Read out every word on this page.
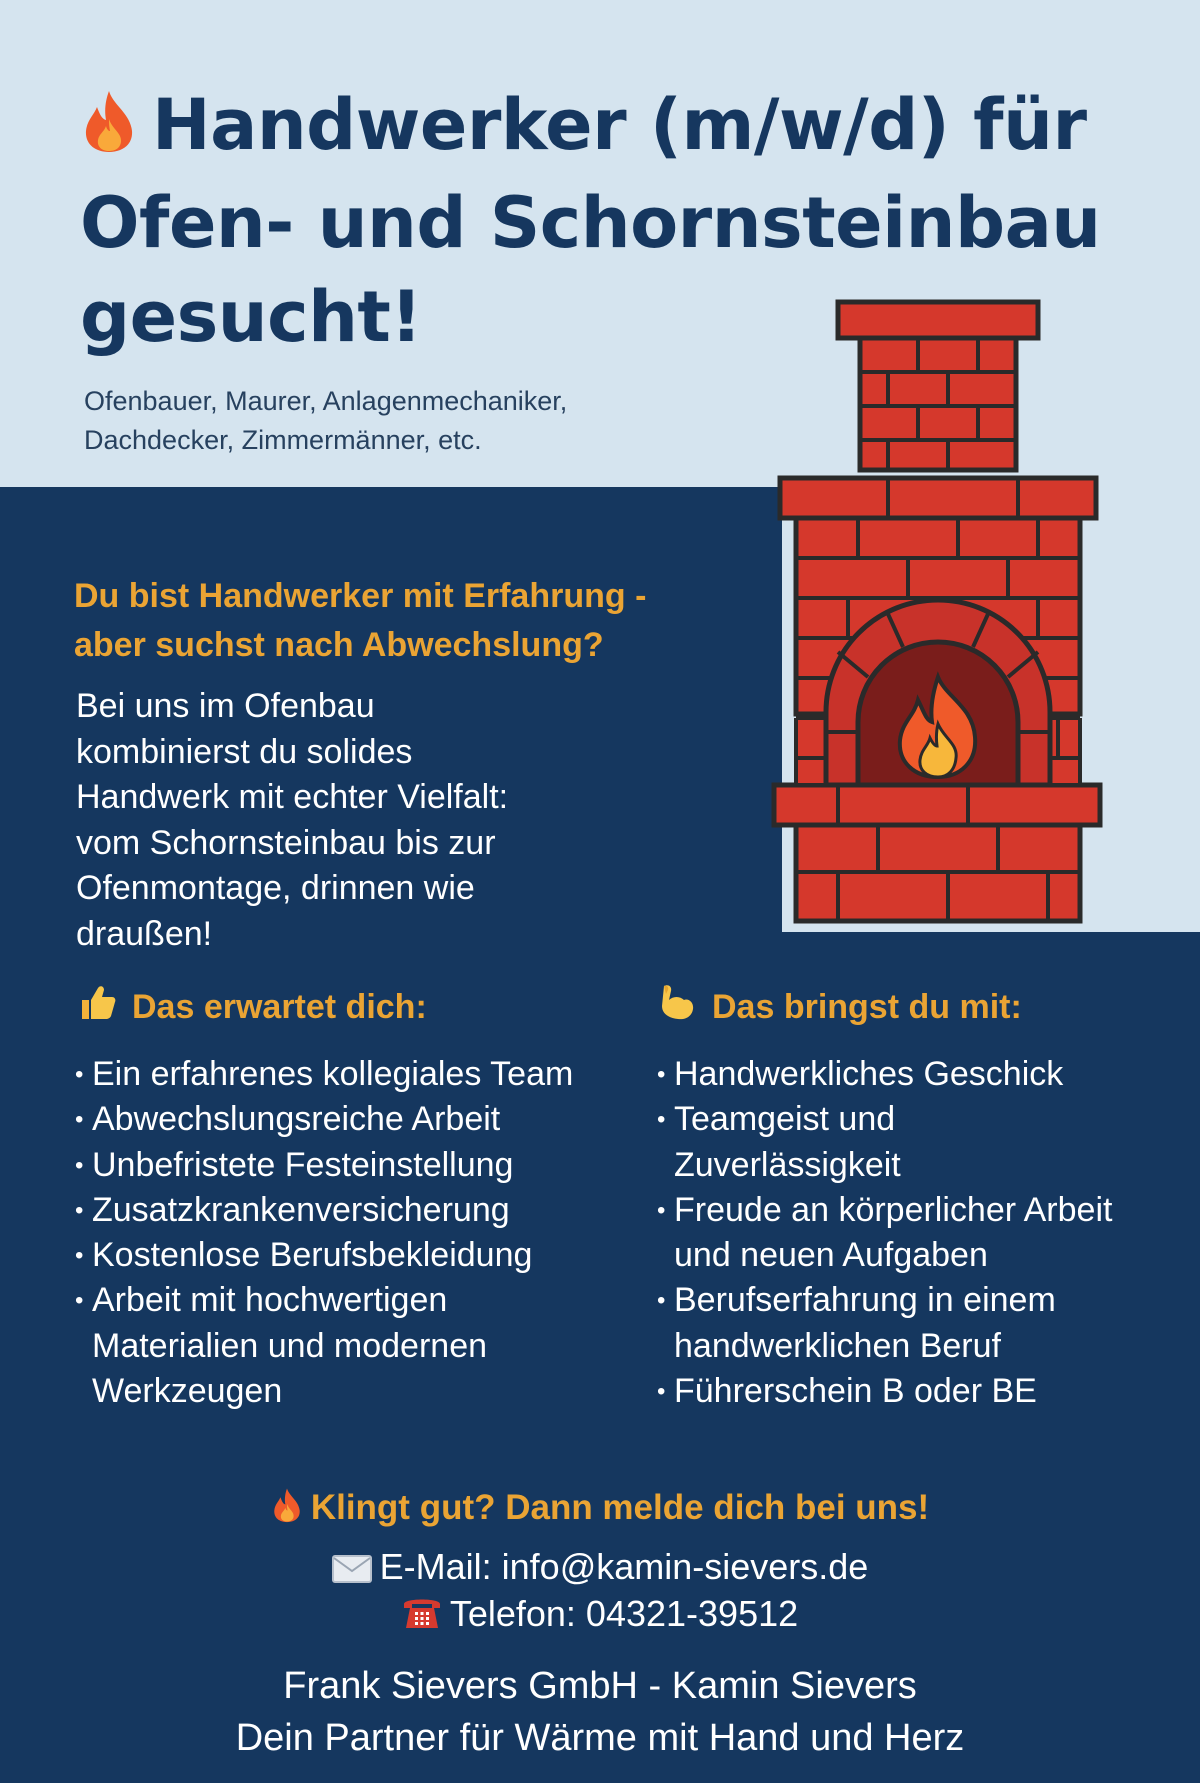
Handwerker (m/w/d) für Ofen- und Schornsteinbau gesucht!

Ofenbauer, Maurer, Anlagenmechaniker,
Dachdecker, Zimmermänner, etc.

Du bist Handwerker mit Erfahrung -
aber suchst nach Abwechslung?

Bei uns im Ofenbau
kombinierst du solides
Handwerk mit echter Vielfalt:
vom Schornsteinbau bis zur
Ofenmontage, drinnen wie
draußen!

Das erwartet dich:	Das bringst du mit:
• Ein erfahrenes kollegiales Team
• Abwechslungsreiche Arbeit
• Unbefristete Festeinstellung
• Zusatzkrankenversicherung
• Kostenlose Berufsbekleidung
• Arbeit mit hochwertigen Materialien und modernen Werkzeugen
• Handwerkliches Geschick
• Teamgeist und Zuverlässigkeit
• Freude an körperlicher Arbeit und neuen Aufgaben
• Berufserfahrung in einem handwerklichen Beruf
• Führerschein B oder BE
Klingt gut? Dann melde dich bei uns!
E-Mail: info@kamin-sievers.de
Telefon: 04321-39512
Frank Sievers GmbH - Kamin Sievers
Dein Partner für Wärme mit Hand und Herz
